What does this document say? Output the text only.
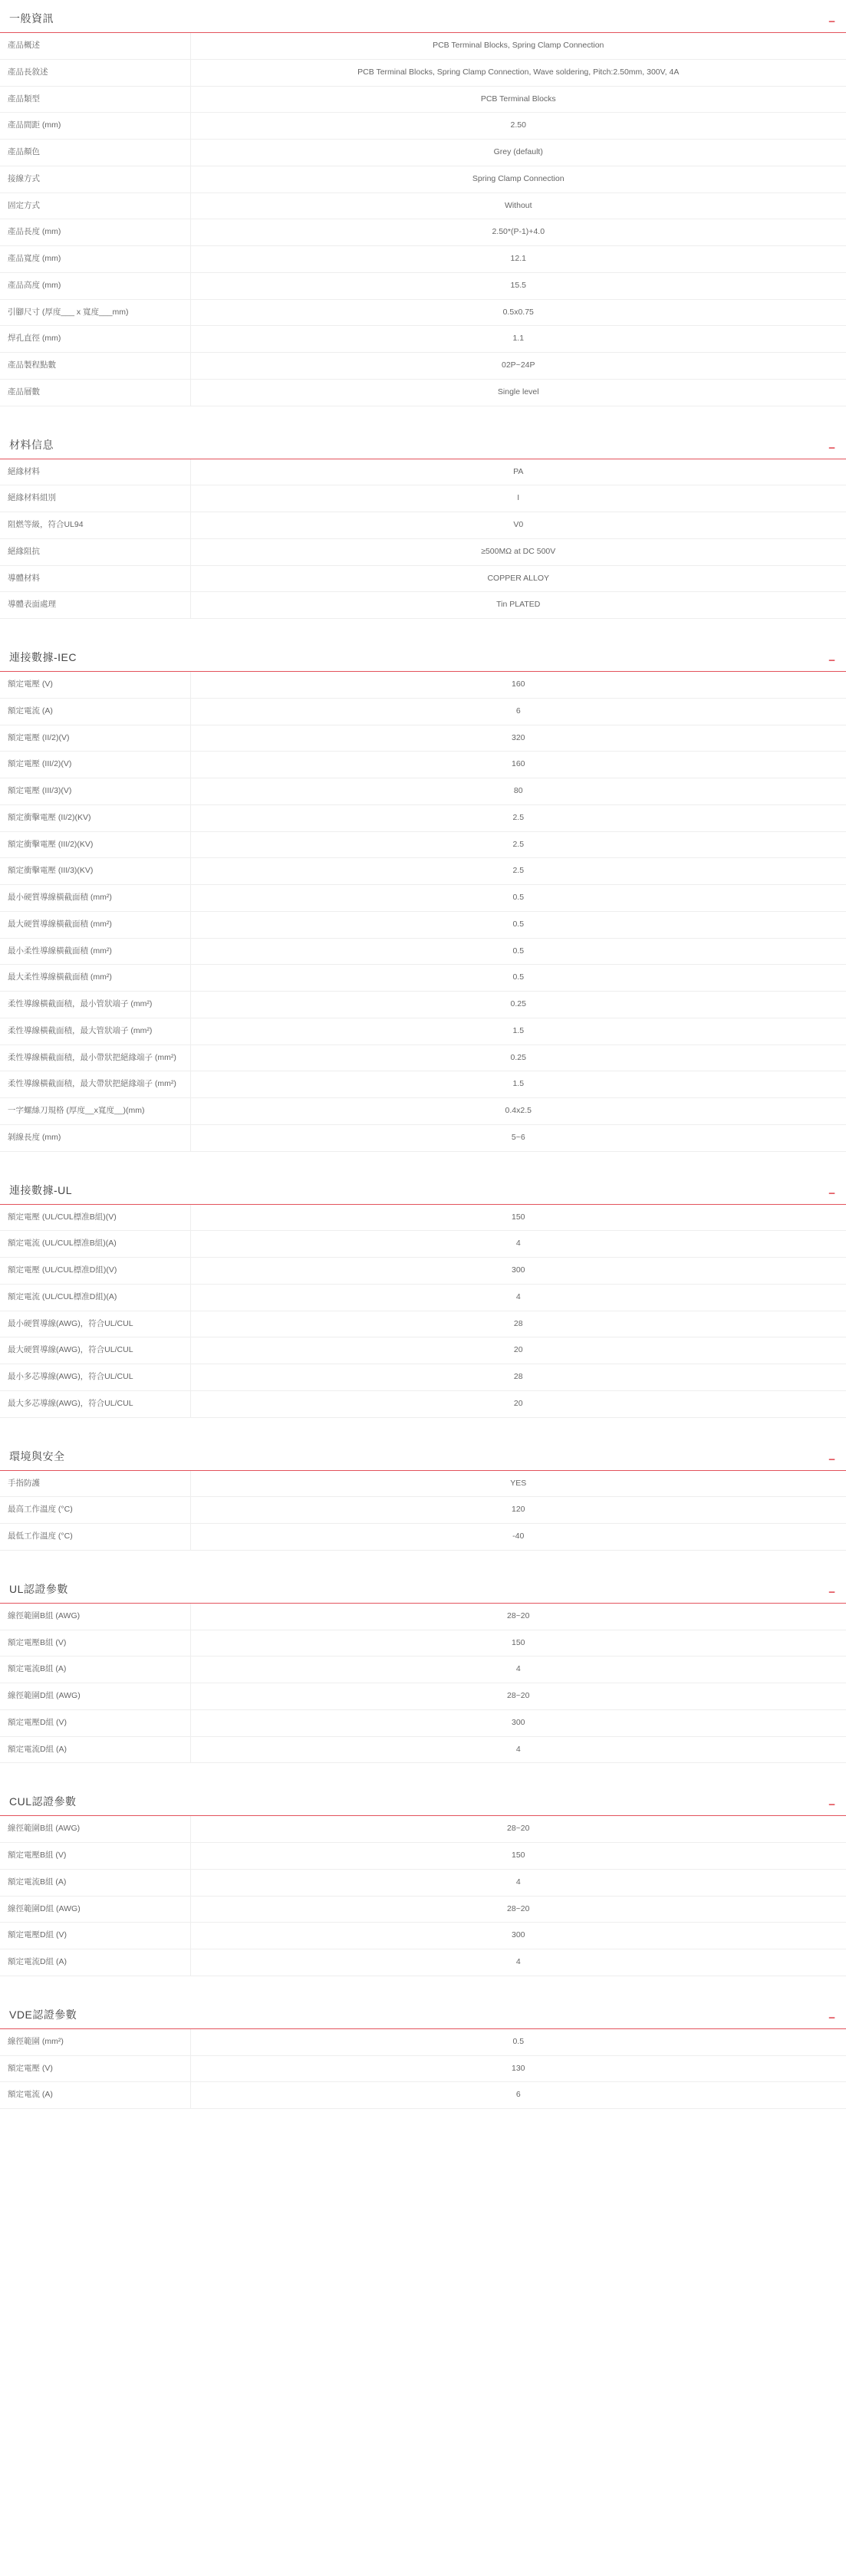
一般資訊	−
產品概述	PCB Terminal Blocks, Spring Clamp Connection
產品長敘述	PCB Terminal Blocks, Spring Clamp Connection, Wave soldering, Pitch:2.50mm, 300V, 4A
產品類型	PCB Terminal Blocks
產品間距 (mm)	2.50
產品顏色	Grey (default)
接線方式	Spring Clamp Connection
固定方式	Without
產品長度 (mm)	2.50*(P-1)+4.0
產品寬度 (mm)	12.1
產品高度 (mm)	15.5
引腳尺寸 (厚度___ x 寬度___mm)	0.5x0.75
焊孔直徑 (mm)	1.1
產品製程點數	02P~24P
產品層數	Single level
材料信息	−
絕緣材料	PA
絕緣材料組別	I
阻燃等級，符合UL94	V0
絕緣阻抗	≥500MΩ at DC 500V
導體材料	COPPER ALLOY
導體表面處理	Tin PLATED
連接數據-IEC	−
額定電壓 (V)	160
額定電流 (A)	6
額定電壓 (II/2)(V)	320
額定電壓 (III/2)(V)	160
額定電壓 (III/3)(V)	80
額定衝擊電壓 (II/2)(KV)	2.5
額定衝擊電壓 (III/2)(KV)	2.5
額定衝擊電壓 (III/3)(KV)	2.5
最小硬質導線橫截面積 (mm²)	0.5
最大硬質導線橫截面積 (mm²)	0.5
最小柔性導線橫截面積 (mm²)	0.5
最大柔性導線橫截面積 (mm²)	0.5
柔性導線橫截面積，最小管狀端子 (mm²)	0.25
柔性導線橫截面積，最大管狀端子 (mm²)	1.5
柔性導線橫截面積，最小帶狀把絕緣端子 (mm²)	0.25
柔性導線橫截面積，最大帶狀把絕緣端子 (mm²)	1.5
一字螺絲刀規格 (厚度__x寬度__)(mm)	0.4x2.5
剝線長度 (mm)	5~6
連接數據-UL	−
額定電壓 (UL/CUL標准B組)(V)	150
額定電流 (UL/CUL標准B組)(A)	4
額定電壓 (UL/CUL標准D組)(V)	300
額定電流 (UL/CUL標准D組)(A)	4
最小硬質導線(AWG)，符合UL/CUL	28
最大硬質導線(AWG)，符合UL/CUL	20
最小多芯導線(AWG)，符合UL/CUL	28
最大多芯導線(AWG)，符合UL/CUL	20
環境與安全	−
手指防護	YES
最高工作溫度 (°C)	120
最低工作溫度 (°C)	-40
UL認證參數	−
線徑範圍B組 (AWG)	28~20
額定電壓B組 (V)	150
額定電流B組 (A)	4
線徑範圍D組 (AWG)	28~20
額定電壓D組 (V)	300
額定電流D組 (A)	4
CUL認證參數	−
線徑範圍B組 (AWG)	28~20
額定電壓B組 (V)	150
額定電流B組 (A)	4
線徑範圍D組 (AWG)	28~20
額定電壓D組 (V)	300
額定電流D組 (A)	4
VDE認證參數	−
線徑範圍 (mm²)	0.5
額定電壓 (V)	130
額定電流 (A)	6
